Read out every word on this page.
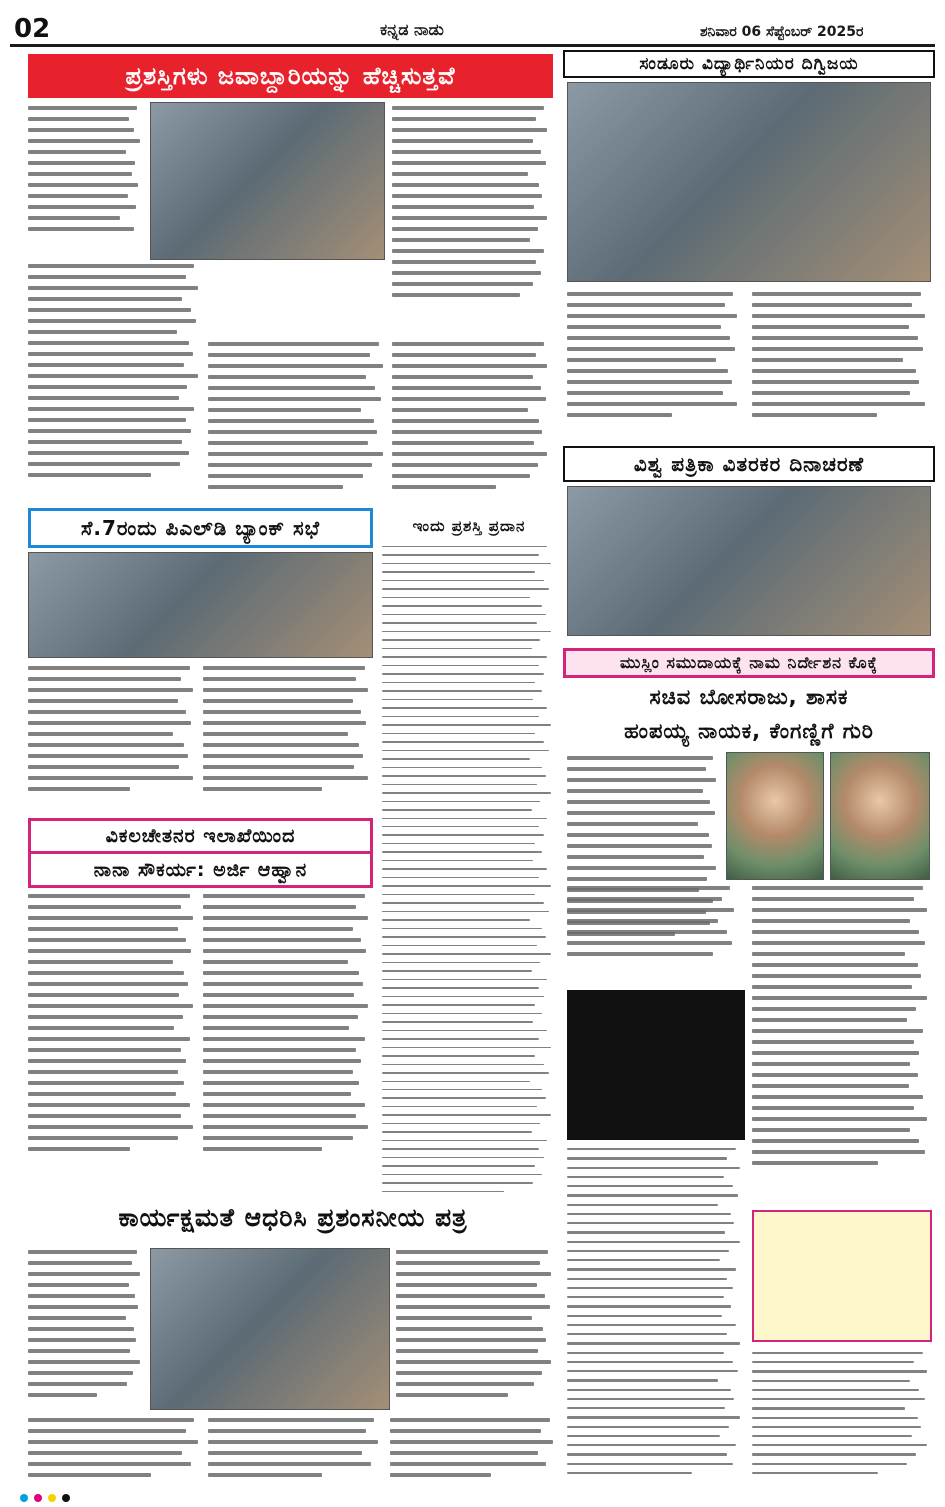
02	ಕನ್ನಡ ನಾಡು	ಶನಿವಾರ 06 ಸೆಪ್ಟೆಂಬರ್ 2025ರ
ಪ್ರಶಸ್ತಿಗಳು ಜವಾಬ್ದಾರಿಯನ್ನು ಹೆಚ್ಚಿಸುತ್ತವೆ	ಸಂಡೂರು ವಿದ್ಯಾರ್ಥಿನಿಯರ ದಿಗ್ವಿಜಯ
ವಿಶ್ವ ಪತ್ರಿಕಾ ವಿತರಕರ ದಿನಾಚರಣೆ
ಸೆ.7ರಂದು ಪಿಎಲ್‌ಡಿ ಬ್ಯಾಂಕ್ ಸಭೆ	ಇಂದು ಪ್ರಶಸ್ತಿ ಪ್ರದಾನ
ಮುಸ್ಲಿಂ ಸಮುದಾಯಕ್ಕೆ ನಾಮ ನಿರ್ದೇಶನ ಕೊಕ್ಕೆ
ಸಚಿವ ಬೋಸರಾಜು, ಶಾಸಕ
ಹಂಪಯ್ಯ ನಾಯಕ, ಕೆಂಗಣ್ಣಿಗೆ ಗುರಿ
ವಿಕಲಚೇತನರ ಇಲಾಖೆಯಿಂದ
ನಾನಾ ಸೌಕರ್ಯ: ಅರ್ಜಿ ಆಹ್ವಾನ
ಕಾರ್ಯಕ್ಷಮತೆ ಆಧರಿಸಿ ಪ್ರಶಂಸನೀಯ ಪತ್ರ
